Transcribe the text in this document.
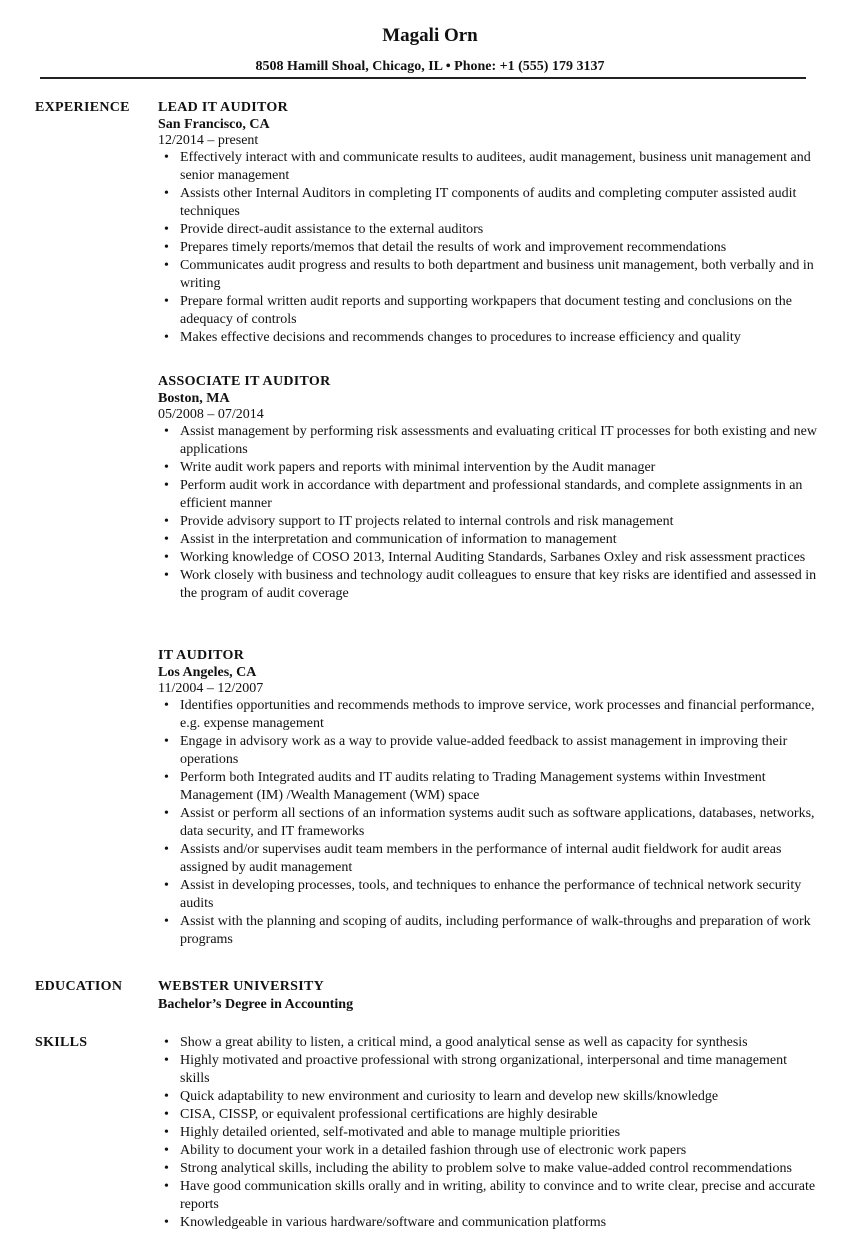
Magali Orn
8508 Hamill Shoal, Chicago, IL • Phone: +1 (555) 179 3137
EXPERIENCE LEAD IT AUDITOR
San Francisco, CA
12/2014 – present
• Effectively interact with and communicate results to auditees, audit management, business unit management and senior management
• Assists other Internal Auditors in completing IT components of audits and completing computer assisted audit techniques
• Provide direct-audit assistance to the external auditors
• Prepares timely reports/memos that detail the results of work and improvement recommendations
• Communicates audit progress and results to both department and business unit management, both verbally and in writing
• Prepare formal written audit reports and supporting workpapers that document testing and conclusions on the adequacy of controls
• Makes effective decisions and recommends changes to procedures to increase efficiency and quality
ASSOCIATE IT AUDITOR
Boston, MA
05/2008 – 07/2014
• Assist management by performing risk assessments and evaluating critical IT processes for both existing and new applications
• Write audit work papers and reports with minimal intervention by the Audit manager
• Perform audit work in accordance with department and professional standards, and complete assignments in an efficient manner
• Provide advisory support to IT projects related to internal controls and risk management
• Assist in the interpretation and communication of information to management
• Working knowledge of COSO 2013, Internal Auditing Standards, Sarbanes Oxley and risk assessment practices
• Work closely with business and technology audit colleagues to ensure that key risks are identified and assessed in the program of audit coverage
IT AUDITOR
Los Angeles, CA
11/2004 – 12/2007
• Identifies opportunities and recommends methods to improve service, work processes and financial performance, e.g. expense management
• Engage in advisory work as a way to provide value-added feedback to assist management in improving their operations
• Perform both Integrated audits and IT audits relating to Trading Management systems within Investment Management (IM) /Wealth Management (WM) space
• Assist or perform all sections of an information systems audit such as software applications, databases, networks, data security, and IT frameworks
• Assists and/or supervises audit team members in the performance of internal audit fieldwork for audit areas assigned by audit management
• Assist in developing processes, tools, and techniques to enhance the performance of technical network security audits
• Assist with the planning and scoping of audits, including performance of walk-throughs and preparation of work programs
EDUCATION	WEBSTER UNIVERSITY
Bachelor’s Degree in Accounting
SKILLS
•	Show a great ability to listen, a critical mind, a good analytical sense as well as capacity for synthesis
• Highly motivated and proactive professional with strong organizational, interpersonal and time management skills
• Quick adaptability to new environment and curiosity to learn and develop new skills/knowledge
• CISA, CISSP, or equivalent professional certifications are highly desirable
• Highly detailed oriented, self-motivated and able to manage multiple priorities
• Ability to document your work in a detailed fashion through use of electronic work papers
• Strong analytical skills, including the ability to problem solve to make value-added control recommendations
• Have good communication skills orally and in writing, ability to convince and to write clear, precise and accurate reports
• Knowledgeable in various hardware/software and communication platforms
